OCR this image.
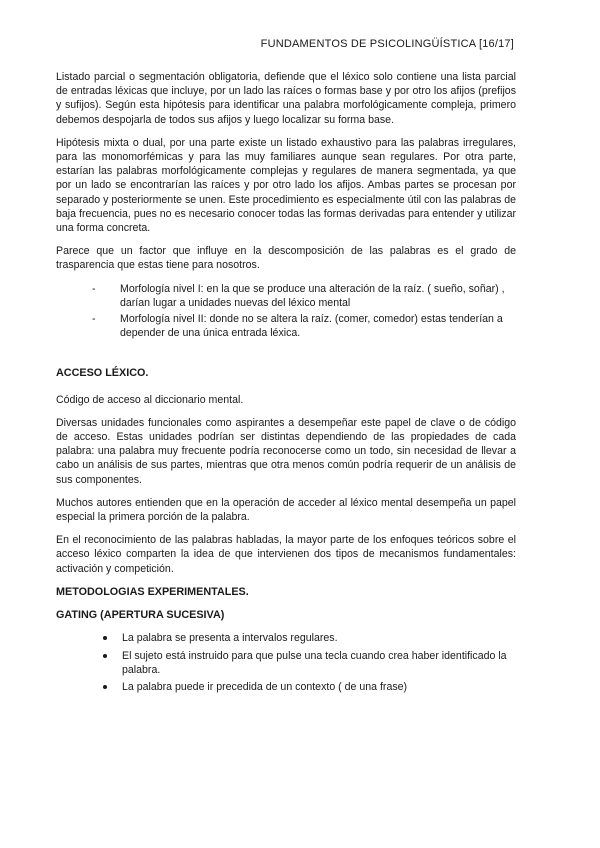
FUNDAMENTOS DE PSICOLINGÜÍSTICA [16/17]

Listado parcial o segmentación obligatoria, defiende que el léxico solo contiene una lista parcial de entradas léxicas que incluye, por un lado las raíces o formas base y por otro los afijos (prefijos y sufijos). Según esta hipótesis para identificar una palabra morfológicamente compleja, primero debemos despojarla de todos sus afijos y luego localizar su forma base.

Hipótesis mixta o dual, por una parte existe un listado exhaustivo para las palabras irregulares, para las monomorfémicas y para las muy familiares aunque sean regulares. Por otra parte, estarían las palabras morfológicamente complejas y regulares de manera segmentada, ya que por un lado se encontrarían las raíces y por otro lado los afijos. Ambas partes se procesan por separado y posteriormente se unen. Este procedimiento es especialmente útil con las palabras de baja frecuencia, pues no es necesario conocer todas las formas derivadas para entender y utilizar una forma concreta.

Parece que un factor que influye en la descomposición de las palabras es el grado de trasparencia que estas tiene para nosotros.

- Morfología nivel I: en la que se produce una alteración de la raíz. ( sueño, soñar) , darían lugar a unidades nuevas del léxico mental
- Morfología nivel II: donde no se altera la raíz. (comer, comedor) estas tenderían a depender de una única entrada léxica.
ACCESO LÉXICO.

Código de acceso al diccionario mental.

Diversas unidades funcionales como aspirantes a desempeñar este papel de clave o de código de acceso. Estas unidades podrían ser distintas dependiendo de las propiedades de cada palabra: una palabra muy frecuente podría reconocerse como un todo, sin necesidad de llevar a cabo un análisis de sus partes, mientras que otra menos común podría requerir de un análisis de sus componentes.

Muchos autores entienden que en la operación de acceder al léxico mental desempeña un papel especial la primera porción de la palabra.

En el reconocimiento de las palabras habladas, la mayor parte de los enfoques teóricos sobre el acceso léxico comparten la idea de que intervienen dos tipos de mecanismos fundamentales: activación y competición.

METODOLOGIAS EXPERIMENTALES.
GATING (APERTURA SUCESIVA)
La palabra se presenta a intervalos regulares.
El sujeto está instruido para que pulse una tecla cuando crea haber identificado la palabra.
La palabra puede ir precedida de un contexto ( de una frase)
